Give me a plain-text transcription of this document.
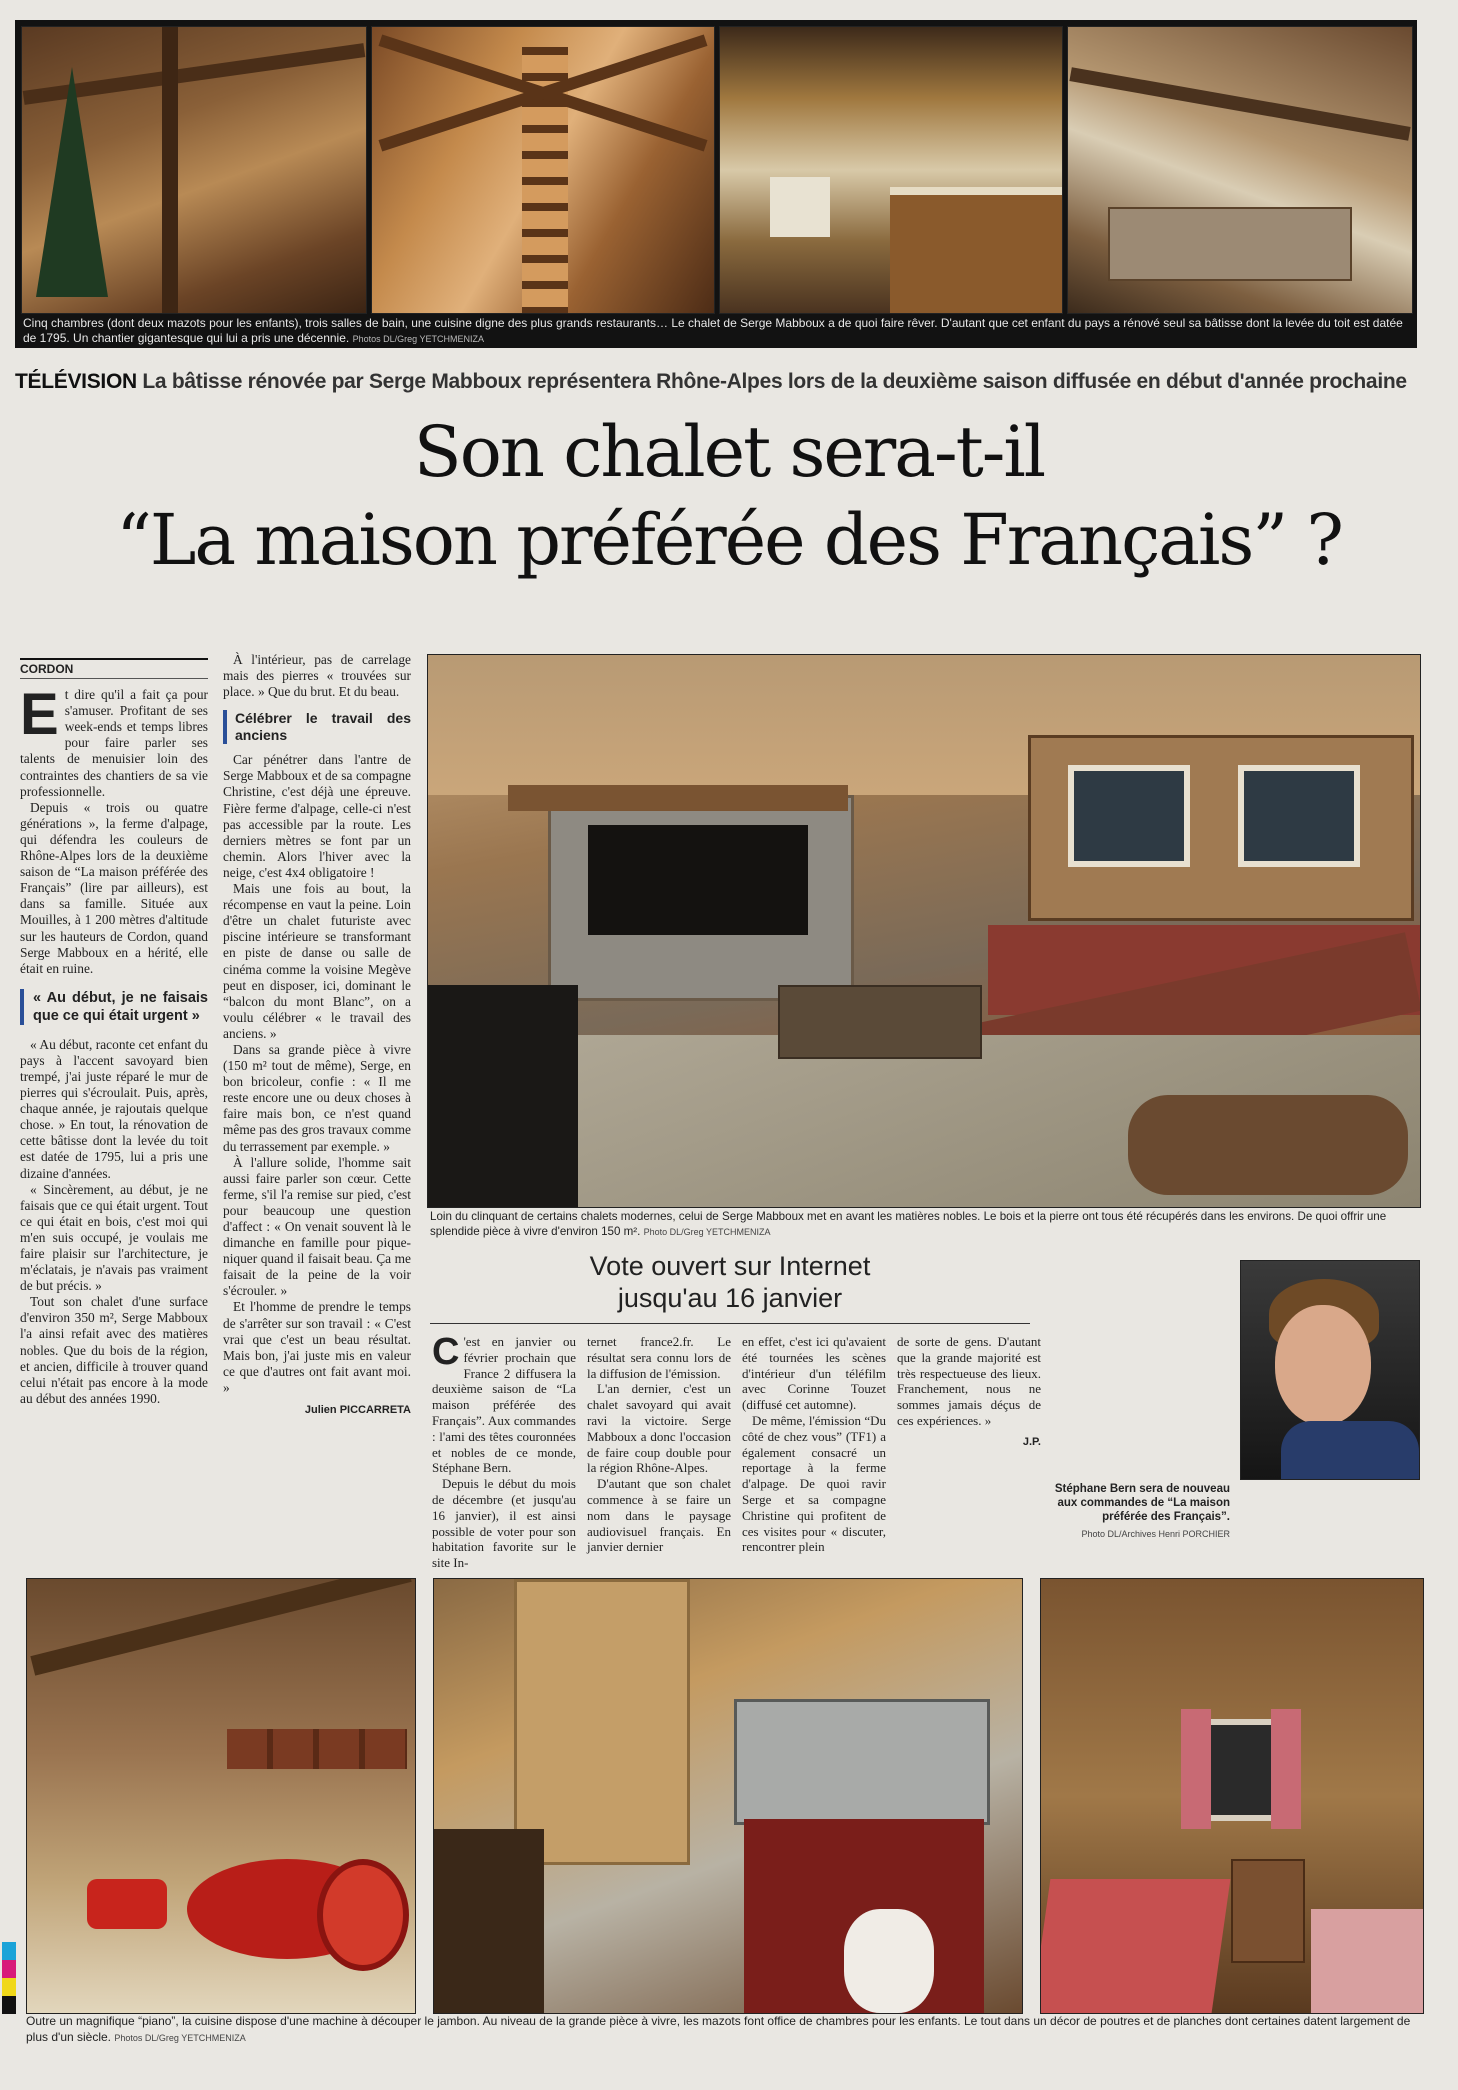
Cinq chambres (dont deux mazots pour les enfants), trois salles de bain, une cuisine digne des plus grands restaurants… Le chalet de Serge Mabboux a de quoi faire rêver. D'autant que cet enfant du pays a rénové seul sa bâtisse dont la levée du toit est datée de 1795. Un chantier gigantesque qui lui a pris une décennie. Photos DL/Greg YETCHMENIZA
TÉLÉVISION La bâtisse rénovée par Serge Mabboux représentera Rhône-Alpes lors de la deuxième saison diffusée en début d'année prochaine
Son chalet sera-t-il
“La maison préférée des Français” ?
CORDON

Et dire qu'il a fait ça pour s'amuser. Profitant de ses week-ends et temps libres pour faire parler ses talents de menuisier loin des contraintes des chantiers de sa vie professionnelle.

Depuis « trois ou quatre générations », la ferme d'alpage, qui défendra les couleurs de Rhône-Alpes lors de la deuxième saison de “La maison préférée des Français” (lire par ailleurs), est dans sa famille. Située aux Mouilles, à 1 200 mètres d'altitude sur les hauteurs de Cordon, quand Serge Mabboux en a hérité, elle était en ruine.

« Au début, je ne faisais que ce qui était urgent »

« Au début, raconte cet enfant du pays à l'accent savoyard bien trempé, j'ai juste réparé le mur de pierres qui s'écroulait. Puis, après, chaque année, je rajoutais quelque chose. » En tout, la rénovation de cette bâtisse dont la levée du toit est datée de 1795, lui a pris une dizaine d'années.

« Sincèrement, au début, je ne faisais que ce qui était urgent. Tout ce qui était en bois, c'est moi qui m'en suis occupé, je voulais me faire plaisir sur l'architecture, je m'éclatais, je n'avais pas vraiment de but précis. »

Tout son chalet d'une surface d'environ 350 m², Serge Mabboux l'a ainsi refait avec des matières nobles. Que du bois de la région, et ancien, difficile à trouver quand celui n'était pas encore à la mode au début des années 1990.

À l'intérieur, pas de carrelage mais des pierres « trouvées sur place. » Que du brut. Et du beau.

Célébrer le travail des anciens

Car pénétrer dans l'antre de Serge Mabboux et de sa compagne Christine, c'est déjà une épreuve. Fière ferme d'alpage, celle-ci n'est pas accessible par la route. Les derniers mètres se font par un chemin. Alors l'hiver avec la neige, c'est 4x4 obligatoire !

Mais une fois au bout, la récompense en vaut la peine. Loin d'être un chalet futuriste avec piscine intérieure se transformant en piste de danse ou salle de cinéma comme la voisine Megève peut en disposer, ici, dominant le “balcon du mont Blanc”, on a voulu célébrer « le travail des anciens. »

Dans sa grande pièce à vivre (150 m² tout de même), Serge, en bon bricoleur, confie : « Il me reste encore une ou deux choses à faire mais bon, ce n'est quand même pas des gros travaux comme du terrassement par exemple. »

À l'allure solide, l'homme sait aussi faire parler son cœur. Cette ferme, s'il l'a remise sur pied, c'est pour beaucoup une question d'affect : « On venait souvent là le dimanche en famille pour pique-niquer quand il faisait beau. Ça me faisait de la peine de la voir s'écrouler. »

Et l'homme de prendre le temps de s'arrêter sur son travail : « C'est vrai que c'est un beau résultat. Mais bon, j'ai juste mis en valeur ce que d'autres ont fait avant moi. »

Julien PICCARRETA
Loin du clinquant de certains chalets modernes, celui de Serge Mabboux met en avant les matières nobles. Le bois et la pierre ont tous été récupérés dans les environs. De quoi offrir une splendide pièce à vivre d'environ 150 m². Photo DL/Greg YETCHMENIZA
Vote ouvert sur Internet
jusqu'au 16 janvier

C 'est en janvier ou février prochain que France 2 diffusera la deuxième saison de “La maison préférée des Français”. Aux commandes : l'ami des têtes couronnées et nobles de ce monde, Stéphane Bern.

Depuis le début du mois de décembre (et jusqu'au 16 janvier), il est ainsi possible de voter pour son habitation favorite sur le site In-

ternet france2.fr. Le résultat sera connu lors de la diffusion de l'émission.

L'an dernier, c'est un chalet savoyard qui avait ravi la victoire. Serge Mabboux a donc l'occasion de faire coup double pour la région Rhône-Alpes.

D'autant que son chalet commence à se faire un nom dans le paysage audiovisuel français. En janvier dernier

en effet, c'est ici qu'avaient été tournées les scènes d'intérieur d'un téléfilm avec Corinne Touzet (diffusé cet automne).

De même, l'émission “Du côté de chez vous” (TF1) a également consacré un reportage à la ferme d'alpage. De quoi ravir Serge et sa compagne Christine qui profitent de ces visites pour « discuter, rencontrer plein

de sorte de gens. D'autant que la grande majorité est très respectueuse des lieux. Franchement, nous ne sommes jamais déçus de ces expériences. »

J.P.
Stéphane Bern sera de nouveau aux commandes de “La maison préférée des Français”.
Photo DL/Archives Henri PORCHIER
Outre un magnifique “piano”, la cuisine dispose d'une machine à découper le jambon. Au niveau de la grande pièce à vivre, les mazots font office de chambres pour les enfants. Le tout dans un décor de poutres et de planches dont certaines datent largement de plus d'un siècle. Photos DL/Greg YETCHMENIZA
